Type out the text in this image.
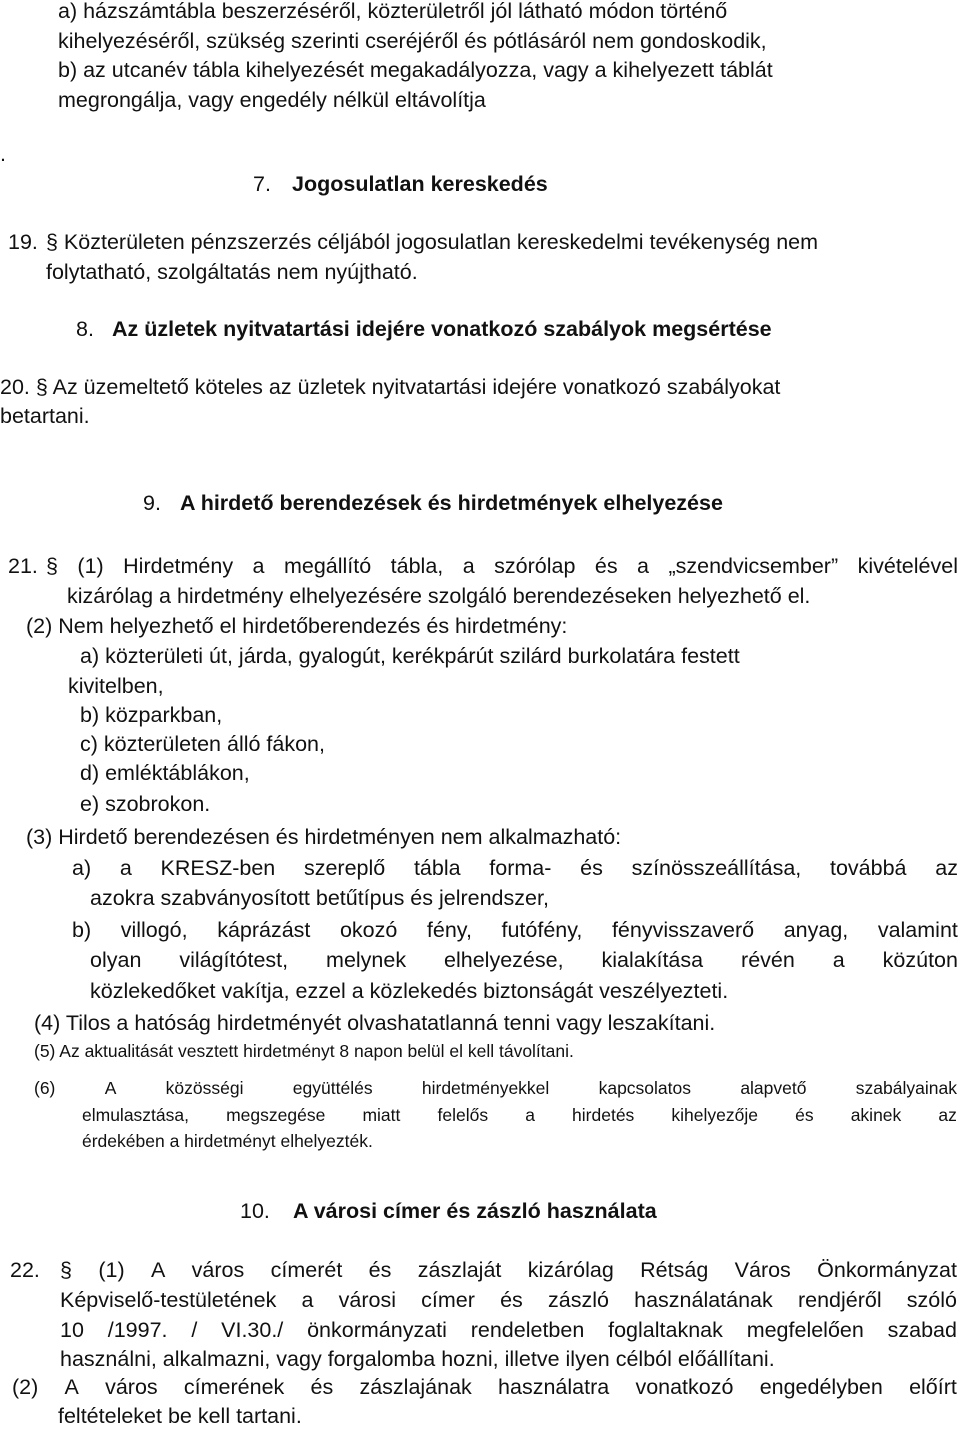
a) házszámtábla beszerzéséről, közterületről jól látható módon történő
kihelyezéséről, szükség szerinti cseréjéről és pótlásáról nem gondoskodik,
b) az utcanév tábla kihelyezését megakadályozza, vagy a kihelyezett táblát
megrongálja, vagy engedély nélkül eltávolítja
.
7. Jogosulatlan kereskedés
19. § Közterületen pénzszerzés céljából jogosulatlan kereskedelmi tevékenység nem
folytatható, szolgáltatás nem nyújtható.
8. Az üzletek nyitvatartási idejére vonatkozó szabályok megsértése
20. § Az üzemeltető köteles az üzletek nyitvatartási idejére vonatkozó szabályokat
betartani.
9. A hirdető berendezések és hirdetmények elhelyezése
21. § (1) Hirdetmény a megállító tábla, a szórólap és a „szendvicsember” kivételével
kizárólag a hirdetmény elhelyezésére szolgáló berendezéseken helyezhető el.
(2) Nem helyezhető el hirdetőberendezés és hirdetmény:
a) közterületi út, járda, gyalogút, kerékpárút szilárd burkolatára festett
kivitelben,
b) közparkban,
c) közterületen álló fákon,
d) emléktáblákon,
e) szobrokon.
(3) Hirdető berendezésen és hirdetményen nem alkalmazható:
a) a KRESZ-ben szereplő tábla forma- és színösszeállítása, továbbá az
azokra szabványosított betűtípus és jelrendszer,
b) villogó, káprázást okozó fény, futófény, fényvisszaverő anyag, valamint
olyan világítótest, melynek elhelyezése, kialakítása révén a közúton
közlekedőket vakítja, ezzel a közlekedés biztonságát veszélyezteti.
(4) Tilos a hatóság hirdetményét olvashatatlanná tenni vagy leszakítani.
(5) Az aktualitását vesztett hirdetményt 8 napon belül el kell távolítani.
(6)	A	közösségi	együttélés	hirdetményekkel	kapcsolatos	alapvető	szabályainak
elmulasztása, megszegése miatt felelős a hirdetés kihelyezője és akinek az
érdekében a hirdetményt elhelyezték.
10. A városi címer és zászló használata
22. § (1) A város címerét és zászlaját kizárólag Rétság Város Önkormányzat
Képviselő-testületének a városi címer és zászló használatának rendjéről szóló
10 /1997. / VI.30./ önkormányzati rendeletben foglaltaknak megfelelően szabad
használni, alkalmazni, vagy forgalomba hozni, illetve ilyen célból előállítani.
(2) A város címerének és zászlajának használatra vonatkozó engedélyben előírt
feltételeket be kell tartani.
